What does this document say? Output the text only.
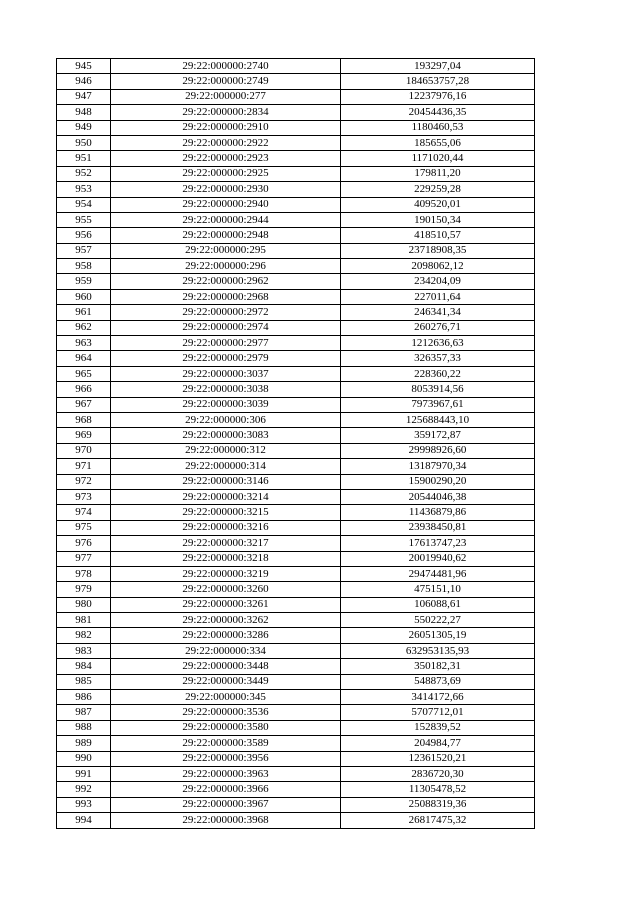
945	29:22:000000:2740	193297,04
946	29:22:000000:2749	184653757,28
947	29:22:000000:277	12237976,16
948	29:22:000000:2834	20454436,35
949	29:22:000000:2910	1180460,53
950	29:22:000000:2922	185655,06
951	29:22:000000:2923	1171020,44
952	29:22:000000:2925	179811,20
953	29:22:000000:2930	229259,28
954	29:22:000000:2940	409520,01
955	29:22:000000:2944	190150,34
956	29:22:000000:2948	418510,57
957	29:22:000000:295	23718908,35
958	29:22:000000:296	2098062,12
959	29:22:000000:2962	234204,09
960	29:22:000000:2968	227011,64
961	29:22:000000:2972	246341,34
962	29:22:000000:2974	260276,71
963	29:22:000000:2977	1212636,63
964	29:22:000000:2979	326357,33
965	29:22:000000:3037	228360,22
966	29:22:000000:3038	8053914,56
967	29:22:000000:3039	7973967,61
968	29:22:000000:306	125688443,10
969	29:22:000000:3083	359172,87
970	29:22:000000:312	29998926,60
971	29:22:000000:314	13187970,34
972	29:22:000000:3146	15900290,20
973	29:22:000000:3214	20544046,38
974	29:22:000000:3215	11436879,86
975	29:22:000000:3216	23938450,81
976	29:22:000000:3217	17613747,23
977	29:22:000000:3218	20019940,62
978	29:22:000000:3219	29474481,96
979	29:22:000000:3260	475151,10
980	29:22:000000:3261	106088,61
981	29:22:000000:3262	550222,27
982	29:22:000000:3286	26051305,19
983	29:22:000000:334	632953135,93
984	29:22:000000:3448	350182,31
985	29:22:000000:3449	548873,69
986	29:22:000000:345	3414172,66
987	29:22:000000:3536	5707712,01
988	29:22:000000:3580	152839,52
989	29:22:000000:3589	204984,77
990	29:22:000000:3956	12361520,21
991	29:22:000000:3963	2836720,30
992	29:22:000000:3966	11305478,52
993	29:22:000000:3967	25088319,36
994	29:22:000000:3968	26817475,32
